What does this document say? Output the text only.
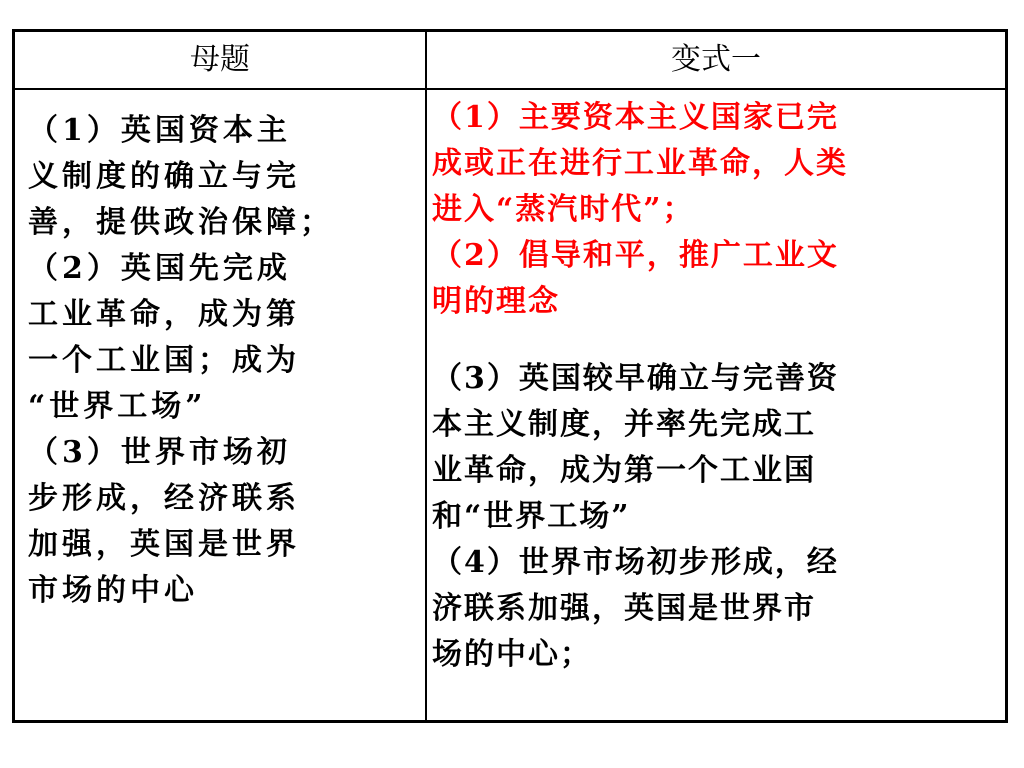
母题	变式一

（1）英国资本主
义制度的确立与完
善，提供政治保障；
（2）英国先完成
工业革命，成为第
一个工业国；成为
“世界工场”
（3）世界市场初
步形成，经济联系
加强，英国是世界
市场的中心

（1）主要资本主义国家已完
成或正在进行工业革命，人类
进入“蒸汽时代”；
（2）倡导和平，推广工业文
明的理念

（3）英国较早确立与完善资
本主义制度，并率先完成工
业革命，成为第一个工业国
和“世界工场”
（4）世界市场初步形成，经
济联系加强，英国是世界市
场的中心；
